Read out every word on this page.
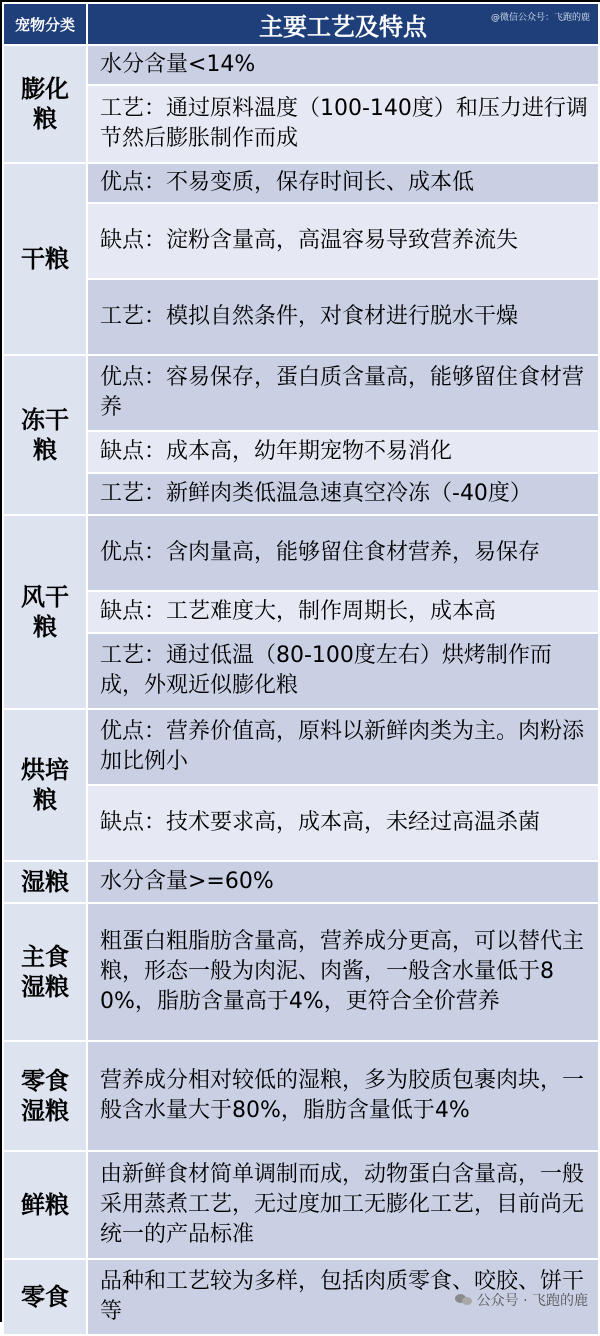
宠物分类	主要工艺及特点 @微信公众号：飞跑的鹿

膨化
粮	水分含量<14%
	工艺：通过原料温度（100-140度）和压力进行调节然后膨胀制作而成
干粮	优点：不易变质，保存时间长、成本低
	缺点：淀粉含量高，高温容易导致营养流失
	工艺：模拟自然条件，对食材进行脱水干燥
冻干
粮	优点：容易保存，蛋白质含量高，能够留住食材营养
	缺点：成本高，幼年期宠物不易消化
	工艺：新鲜肉类低温急速真空冷冻（-40度）
风干
粮	优点：含肉量高，能够留住食材营养，易保存
	缺点：工艺难度大，制作周期长，成本高
	工艺：通过低温（80-100度左右）烘烤制作而成，外观近似膨化粮
烘培
粮	优点：营养价值高，原料以新鲜肉类为主。肉粉添加比例小
	缺点：技术要求高，成本高，未经过高温杀菌
湿粮	水分含量>=60%
主食
湿粮	粗蛋白粗脂肪含量高，营养成分更高，可以替代主粮，形态一般为肉泥、肉酱，一般含水量低于80%，脂肪含量高于4%，更符合全价营养
零食
湿粮	营养成分相对较低的湿粮，多为胶质包裹肉块，一般含水量大于80%，脂肪含量低于4%
鲜粮	由新鲜食材简单调制而成，动物蛋白含量高，一般采用蒸煮工艺，无过度加工无膨化工艺，目前尚无统一的产品标准
零食	品种和工艺较为多样，包括肉质零食、咬胶、饼干等	公众号 · 飞跑的鹿
